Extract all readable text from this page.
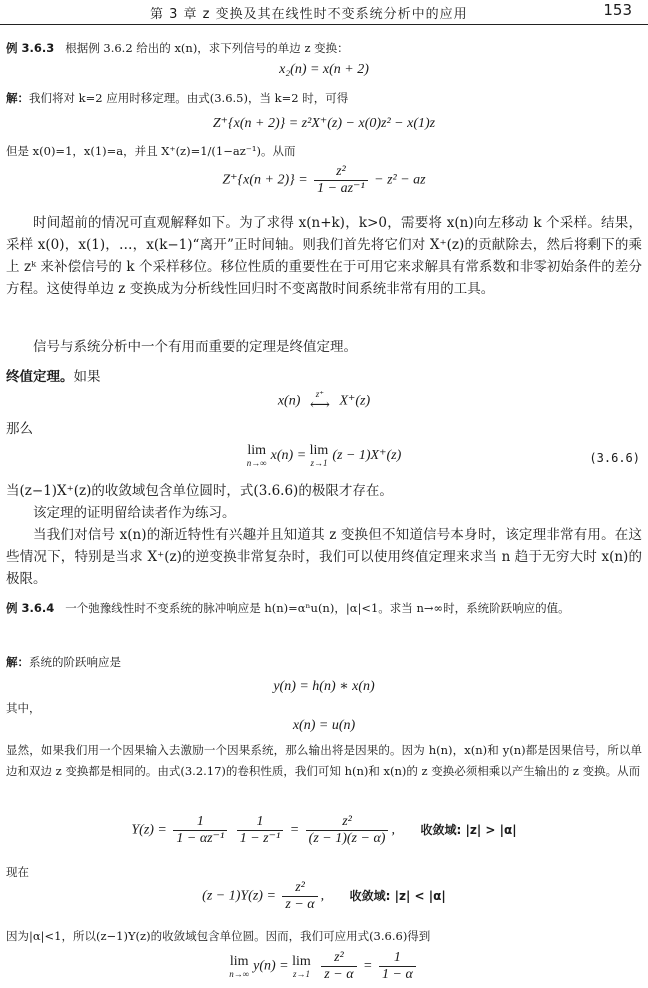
第 3 章 z 变换及其在线性时不变系统分析中的应用	153
例 3.6.3 根据例 3.6.2 给出的 x(n)，求下列信号的单边 z 变换：
x₂(n) = x(n + 2)
解：我们将对 k=2 应用时移定理。由式(3.6.5)，当 k=2 时，可得
Z⁺{x(n + 2)} = z²X⁺(z) − x(0)z² − x(1)z
但是 x(0)=1，x(1)=a，并且 X⁺(z)=1/(1−az⁻¹)。从而
$Z^+\{x(n + 2)\} = \frac{\text{z²}}{\text{1 − az⁻¹}} - z^2$ − az
时间超前的情况可直观解释如下。为了求得 x(n+k)，k>0，需要将 x(n)向左移动 k 个采样。结果，采样 x(0)，x(1)，…，x(k−1)“离开”正时间轴。则我们首先将它们对 X⁺(z)的贡献除去，然后将剩下的乘上 zᵏ 来补偿信号的 k 个采样移位。移位性质的重要性在于可用它来求解具有常系数和非零初始条件的差分方程。这使得单边 z 变换成为分析线性回归时不变离散时间系统非常有用的工具。
信号与系统分析中一个有用而重要的定理是终值定理。
终值定理。如果
x(n)	z⁺
⟷ X⁺(z)
那么
lim
n→∞ x(n) = lim
z→1 (z − 1)X⁺(z)	(3.6.6)
当(z−1)X⁺(z)的收敛域包含单位圆时，式(3.6.6)的极限才存在。
该定理的证明留给读者作为练习。
当我们对信号 x(n)的渐近特性有兴趣并且知道其 z 变换但不知道信号本身时，该定理非常有用。在这些情况下，特别是当求 X⁺(z)的逆变换非常复杂时，我们可以使用终值定理来求当 n 趋于无穷大时 x(n)的极限。
例 3.6.4 一个弛豫线性时不变系统的脉冲响应是 h(n)=αⁿu(n)，|α|<1。求当 n→∞时，系统阶跃响应的值。
解：系统的阶跃响应是
y(n) = h(n) ∗ x(n)
其中，
x(n) = u(n)
显然，如果我们用一个因果输入去激励一个因果系统，那么输出将是因果的。因为 h(n)，x(n)和 y(n)都是因果信号，所以单边和双边 z 变换都是相同的。由式(3.2.17)的卷积性质，我们可知 h(n)和 x(n)的 z 变换必须相乘以产生输出的 z 变换。从而
$Y(z) = \frac{1}{\text{1 − αz⁻¹}}$
$\frac{1}{\text{1 − z⁻¹}} = \frac{\text{z²}}{(z - 1)(z - \alpha)}$ , 收敛域: |z| > |α|
现在
$(z - 1)Y(z) = \frac{\text{z²}}{z - \alpha}$ , 收敛域: |z| < |α|
因为|α|<1，所以(z−1)Y(z)的收敛域包含单位圆。因而，我们可应用式(3.6.6)得到
lim
n→∞ y(n) = lim
z→1
$\frac{\text{z²}}{z - \alpha} = \frac{1}{1 - \alpha}$
